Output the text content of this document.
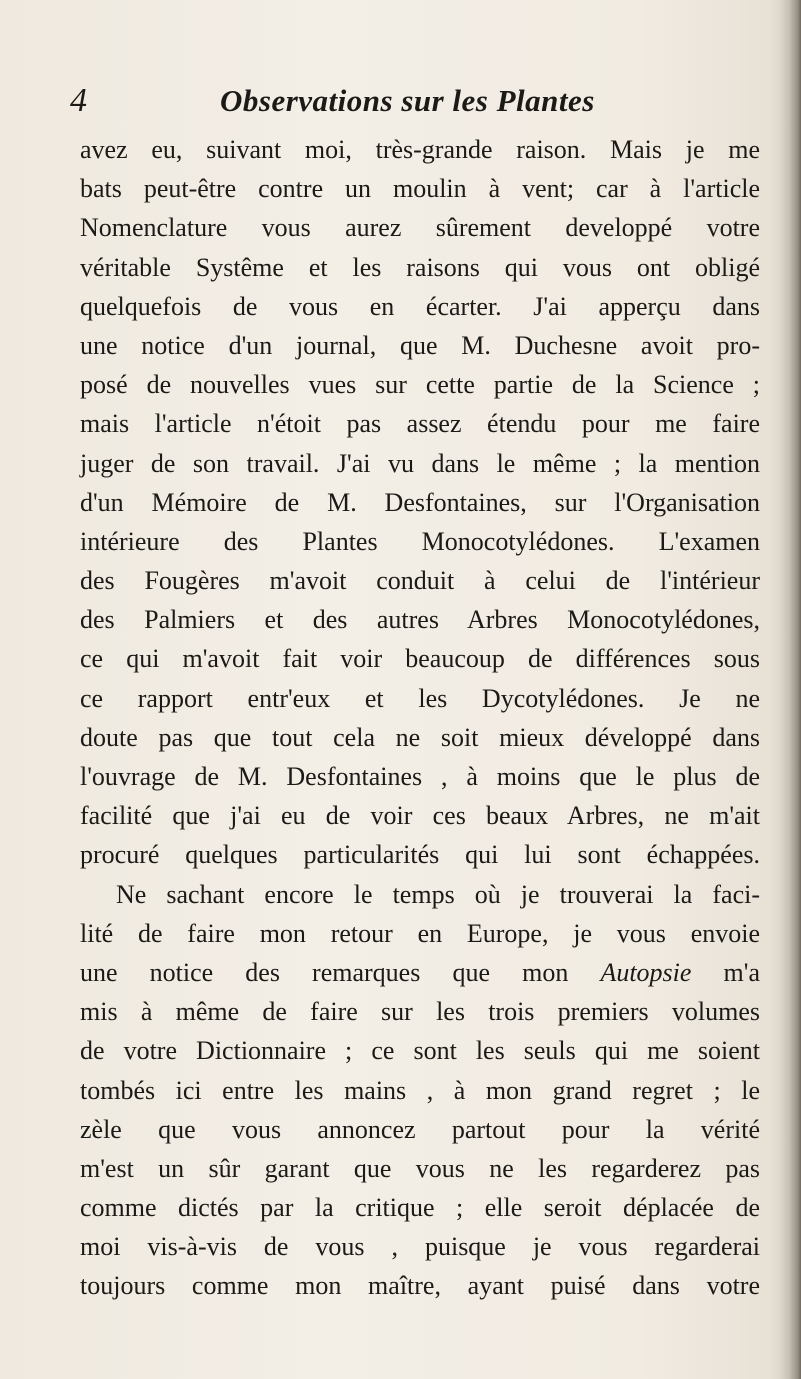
4	Observations sur les Plantes
avez eu, suivant moi, très-grande raison. Mais je me
bats peut-être contre un moulin à vent; car à l'article
Nomenclature vous aurez sûrement developpé votre
véritable Systême et les raisons qui vous ont obligé
quelquefois de vous en écarter. J'ai apperçu dans
une notice d'un journal, que M. Duchesne avoit pro-
posé de nouvelles vues sur cette partie de la Science ;
mais l'article n'étoit pas assez étendu pour me faire
juger de son travail. J'ai vu dans le même ; la mention
d'un Mémoire de M. Desfontaines, sur l'Organisation
intérieure des Plantes Monocotylédones. L'examen
des Fougères m'avoit conduit à celui de l'intérieur
des Palmiers et des autres Arbres Monocotylédones,
ce qui m'avoit fait voir beaucoup de différences sous
ce rapport entr'eux et les Dycotylédones. Je ne
doute pas que tout cela ne soit mieux développé dans
l'ouvrage de M. Desfontaines , à moins que le plus de
facilité que j'ai eu de voir ces beaux Arbres, ne m'ait
procuré quelques particularités qui lui sont échappées.
Ne sachant encore le temps où je trouverai la faci-
lité de faire mon retour en Europe, je vous envoie
une notice des remarques que mon Autopsie m'a
mis à même de faire sur les trois premiers volumes
de votre Dictionnaire ; ce sont les seuls qui me soient
tombés ici entre les mains , à mon grand regret ; le
zèle que vous annoncez partout pour la vérité
m'est un sûr garant que vous ne les regarderez pas
comme dictés par la critique ; elle seroit déplacée de
moi vis-à-vis de vous , puisque je vous regarderai
toujours comme mon maître, ayant puisé dans votre
